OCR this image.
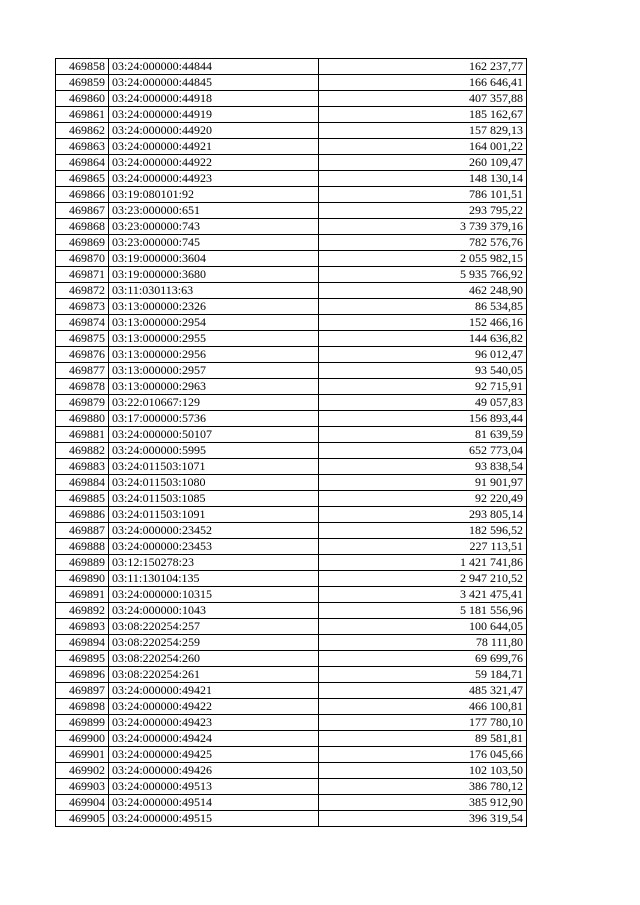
469858	03:24:000000:44844	162 237,77
469859	03:24:000000:44845	166 646,41
469860	03:24:000000:44918	407 357,88
469861	03:24:000000:44919	185 162,67
469862	03:24:000000:44920	157 829,13
469863	03:24:000000:44921	164 001,22
469864	03:24:000000:44922	260 109,47
469865	03:24:000000:44923	148 130,14
469866	03:19:080101:92	786 101,51
469867	03:23:000000:651	293 795,22
469868	03:23:000000:743	3 739 379,16
469869	03:23:000000:745	782 576,76
469870	03:19:000000:3604	2 055 982,15
469871	03:19:000000:3680	5 935 766,92
469872	03:11:030113:63	462 248,90
469873	03:13:000000:2326	86 534,85
469874	03:13:000000:2954	152 466,16
469875	03:13:000000:2955	144 636,82
469876	03:13:000000:2956	96 012,47
469877	03:13:000000:2957	93 540,05
469878	03:13:000000:2963	92 715,91
469879	03:22:010667:129	49 057,83
469880	03:17:000000:5736	156 893,44
469881	03:24:000000:50107	81 639,59
469882	03:24:000000:5995	652 773,04
469883	03:24:011503:1071	93 838,54
469884	03:24:011503:1080	91 901,97
469885	03:24:011503:1085	92 220,49
469886	03:24:011503:1091	293 805,14
469887	03:24:000000:23452	182 596,52
469888	03:24:000000:23453	227 113,51
469889	03:12:150278:23	1 421 741,86
469890	03:11:130104:135	2 947 210,52
469891	03:24:000000:10315	3 421 475,41
469892	03:24:000000:1043	5 181 556,96
469893	03:08:220254:257	100 644,05
469894	03:08:220254:259	78 111,80
469895	03:08:220254:260	69 699,76
469896	03:08:220254:261	59 184,71
469897	03:24:000000:49421	485 321,47
469898	03:24:000000:49422	466 100,81
469899	03:24:000000:49423	177 780,10
469900	03:24:000000:49424	89 581,81
469901	03:24:000000:49425	176 045,66
469902	03:24:000000:49426	102 103,50
469903	03:24:000000:49513	386 780,12
469904	03:24:000000:49514	385 912,90
469905	03:24:000000:49515	396 319,54
